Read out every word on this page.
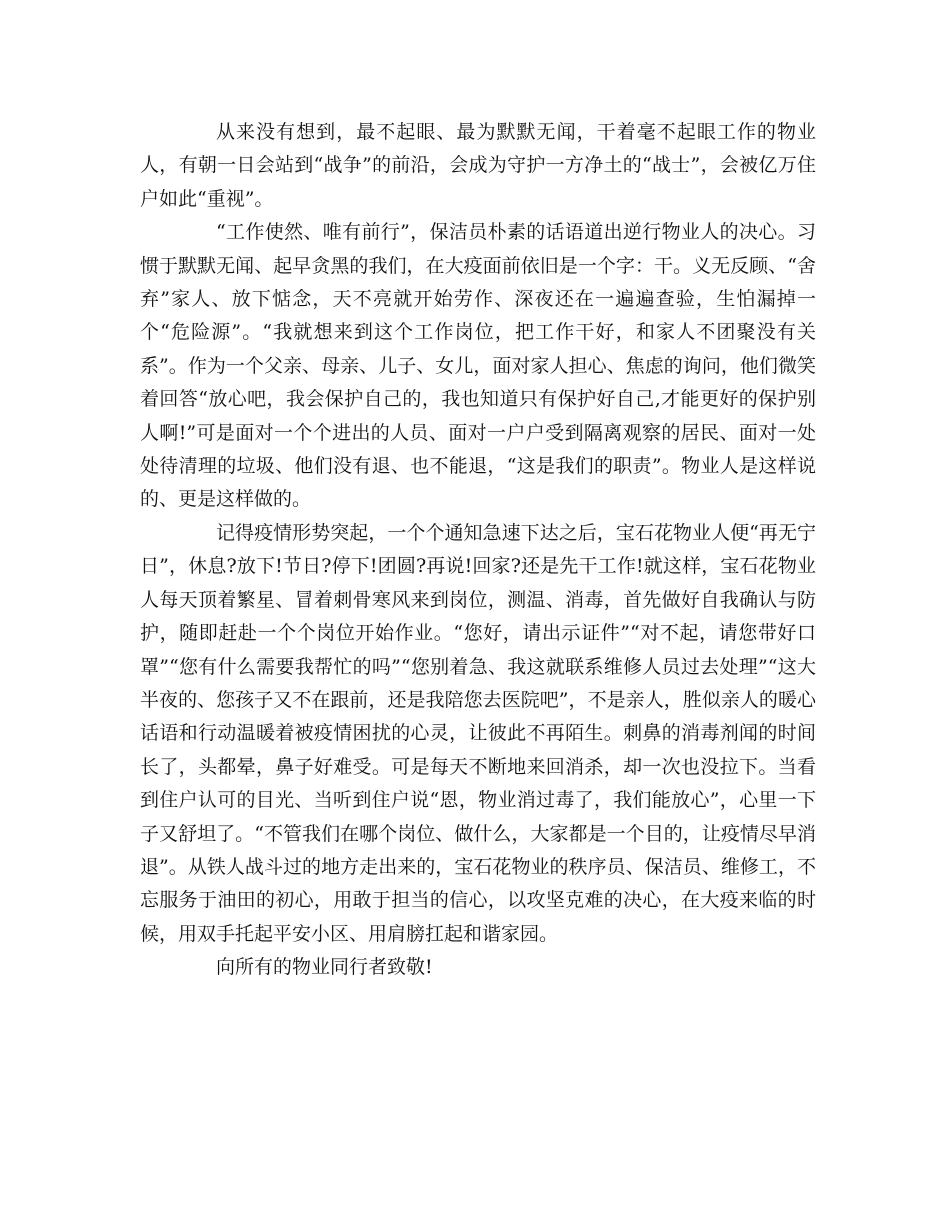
从来没有想到，最不起眼、最为默默无闻，干着毫不起眼工作的物业人，有朝一日会站到“战争”的前沿，会成为守护一方净土的“战士”，会被亿万住户如此“重视”。

“工作使然、唯有前行”，保洁员朴素的话语道出逆行物业人的决心。习惯于默默无闻、起早贪黑的我们，在大疫面前依旧是一个字：干。义无反顾、“舍弃”家人、放下惦念，天不亮就开始劳作、深夜还在一遍遍查验，生怕漏掉一个“危险源”。“我就想来到这个工作岗位，把工作干好，和家人不团聚没有关系”。作为一个父亲、母亲、儿子、女儿，面对家人担心、焦虑的询问，他们微笑着回答“放心吧，我会保护自己的，我也知道只有保护好自己,才能更好的保护别人啊!”可是面对一个个进出的人员、面对一户户受到隔离观察的居民、面对一处处待清理的垃圾、他们没有退、也不能退，“这是我们的职责”。物业人是这样说的、更是这样做的。

记得疫情形势突起，一个个通知急速下达之后，宝石花物业人便“再无宁日”，休息?放下!节日?停下!团圆?再说!回家?还是先干工作!就这样，宝石花物业人每天顶着繁星、冒着刺骨寒风来到岗位，测温、消毒，首先做好自我确认与防护，随即赶赴一个个岗位开始作业。“您好，请出示证件”“对不起，请您带好口罩”“您有什么需要我帮忙的吗”“您别着急、我这就联系维修人员过去处理”“这大半夜的、您孩子又不在跟前，还是我陪您去医院吧”，不是亲人，胜似亲人的暖心话语和行动温暖着被疫情困扰的心灵，让彼此不再陌生。刺鼻的消毒剂闻的时间长了，头都晕，鼻子好难受。可是每天不断地来回消杀，却一次也没拉下。当看到住户认可的目光、当听到住户说“恩，物业消过毒了，我们能放心”，心里一下子又舒坦了。“不管我们在哪个岗位、做什么，大家都是一个目的，让疫情尽早消退”。从铁人战斗过的地方走出来的，宝石花物业的秩序员、保洁员、维修工，不忘服务于油田的初心，用敢于担当的信心，以攻坚克难的决心，在大疫来临的时候，用双手托起平安小区、用肩膀扛起和谐家园。

向所有的物业同行者致敬!
